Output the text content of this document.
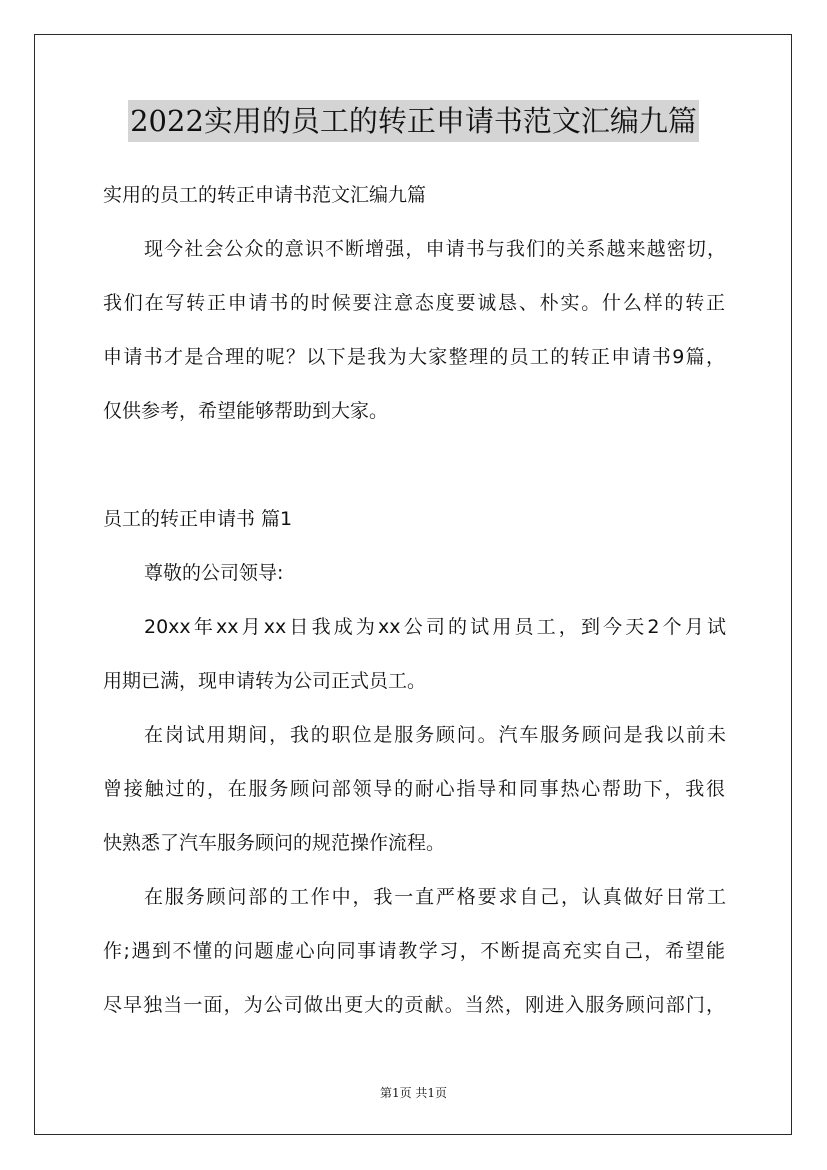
2022实用的员工的转正申请书范文汇编九篇
实用的员工的转正申请书范文汇编九篇
现今社会公众的意识不断增强，申请书与我们的关系越来越密切，
我们在写转正申请书的时候要注意态度要诚恳、朴实。什么样的转正
申请书才是合理的呢？以下是我为大家整理的员工的转正申请书9篇，
仅供参考，希望能够帮助到大家。
员工的转正申请书 篇1
尊敬的公司领导:
20xx年xx月xx日我成为xx公司的试用员工，到今天2个月试
用期已满，现申请转为公司正式员工。
在岗试用期间，我的职位是服务顾问。汽车服务顾问是我以前未
曾接触过的，在服务顾问部领导的耐心指导和同事热心帮助下，我很
快熟悉了汽车服务顾问的规范操作流程。
在服务顾问部的工作中，我一直严格要求自己，认真做好日常工
作;遇到不懂的问题虚心向同事请教学习，不断提高充实自己，希望能
尽早独当一面，为公司做出更大的贡献。当然，刚进入服务顾问部门，
第1页 共1页
